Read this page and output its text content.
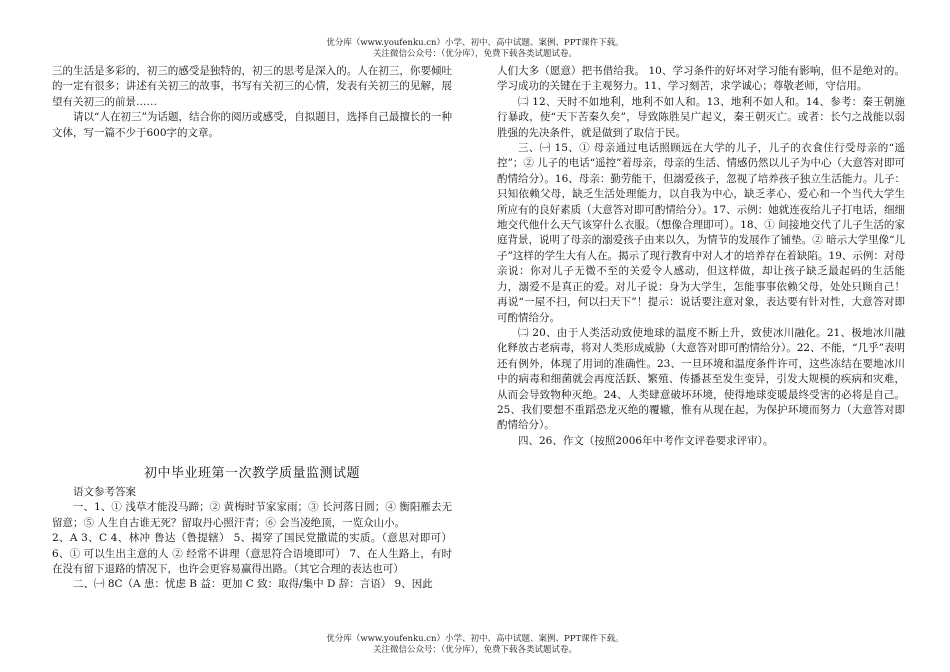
优分库（www.youfenku.cn）小学、初中、高中试题、案例、PPT课件下载。
关注微信公众号：（优分库），免费下载各类试题试卷。

三的生活是多彩的，初三的感受是独特的，初三的思考是深入的。人在初三，你要倾吐的一定有很多；讲述有关初三的故事，书写有关初三的心情，发表有关初三的见解，展望有关初三的前景……

请以“人在初三”为话题，结合你的阅历或感受，自拟题目，选择自己最擅长的一种文体，写一篇不少于600字的文章。

初中毕业班第一次教学质量监测试题

语文参考答案

一、1、① 浅草才能没马蹄；② 黄梅时节家家雨；③ 长河落日圆；④ 衡阳雁去无留意；⑤ 人生自古谁无死？留取丹心照汗青；⑥ 会当凌绝顶，一览众山小。

2、A 3、C 4、林冲 鲁达（鲁提辖） 5、揭穿了国民党撒谎的实质。（意思对即可） 6、① 可以生出主意的人 ② 经常不讲理（意思符合语境即可） 7、在人生路上，有时在没有留下退路的情况下，也许会更容易赢得出路。（其它合理的表达也可）

二、㈠ 8C（A 患：忧虑 B 益：更加 C 致：取得/集中 D 辞：言语） 9、因此

人们大多（愿意）把书借给我。 10、学习条件的好坏对学习能有影响，但不是绝对的。学习成功的关键在于主观努力。11、学习刻苦，求学诚心；尊敬老师，守信用。

㈡ 12、天时不如地利，地利不如人和。13、地利不如人和。14、参考：秦王朝施行暴政，使“天下苦秦久矣”，导致陈胜吴广起义，秦王朝灭亡。或者：长勺之战能以弱胜强的先决条件，就是做到了取信于民。

三、㈠ 15、① 母亲通过电话照顾远在大学的儿子，儿子的衣食住行受母亲的“遥控”；② 儿子的电话“遥控”着母亲，母亲的生活、情感仍然以儿子为中心（大意答对即可酌情给分）。16、母亲：勤劳能干，但溺爱孩子，忽视了培养孩子独立生活能力。儿子：只知依赖父母，缺乏生活处理能力，以自我为中心，缺乏孝心、爱心和一个当代大学生所应有的良好素质（大意答对即可酌情给分）。17、示例：她就连夜给儿子打电话，细细地交代他什么天气该穿什么衣服。（想像合理即可）。18、① 间接地交代了儿子生活的家庭背景，说明了母亲的溺爱孩子由来以久，为情节的发展作了铺垫。② 暗示大学里像“儿子”这样的学生大有人在。揭示了现行教育中对人才的培养存在着缺陷。19、示例：对母亲说：你对儿子无微不至的关爱令人感动，但这样做，却让孩子缺乏最起码的生活能力，溺爱不是真正的爱。对儿子说：身为大学生，怎能事事依赖父母，处处只顾自己！再说“一屋不扫，何以扫天下”！提示：说话要注意对象，表达要有针对性，大意答对即可酌情给分。

㈡ 20、由于人类活动致使地球的温度不断上升，致使冰川融化。21、极地冰川融化释放古老病毒，将对人类形成威胁（大意答对即可酌情给分）。22、不能，“几乎”表明还有例外，体现了用词的准确性。23、一旦环境和温度条件许可，这些冻结在要地冰川中的病毒和细菌就会再度活跃、繁殖、传播甚至发生变异，引发大规模的疾病和灾难，从而会导致物种灭绝。24、人类肆意破坏环境，使得地球变暖最终受害的必将是自己。25、我们要想不重蹈恐龙灭绝的覆辙，惟有从现在起，为保护环境而努力（大意答对即酌情给分）。

四、26、作文（按照2006年中考作文评卷要求评审）。

优分库（www.youfenku.cn）小学、初中、高中试题、案例、PPT课件下载。
关注微信公众号：（优分库），免费下载各类试题试卷。
